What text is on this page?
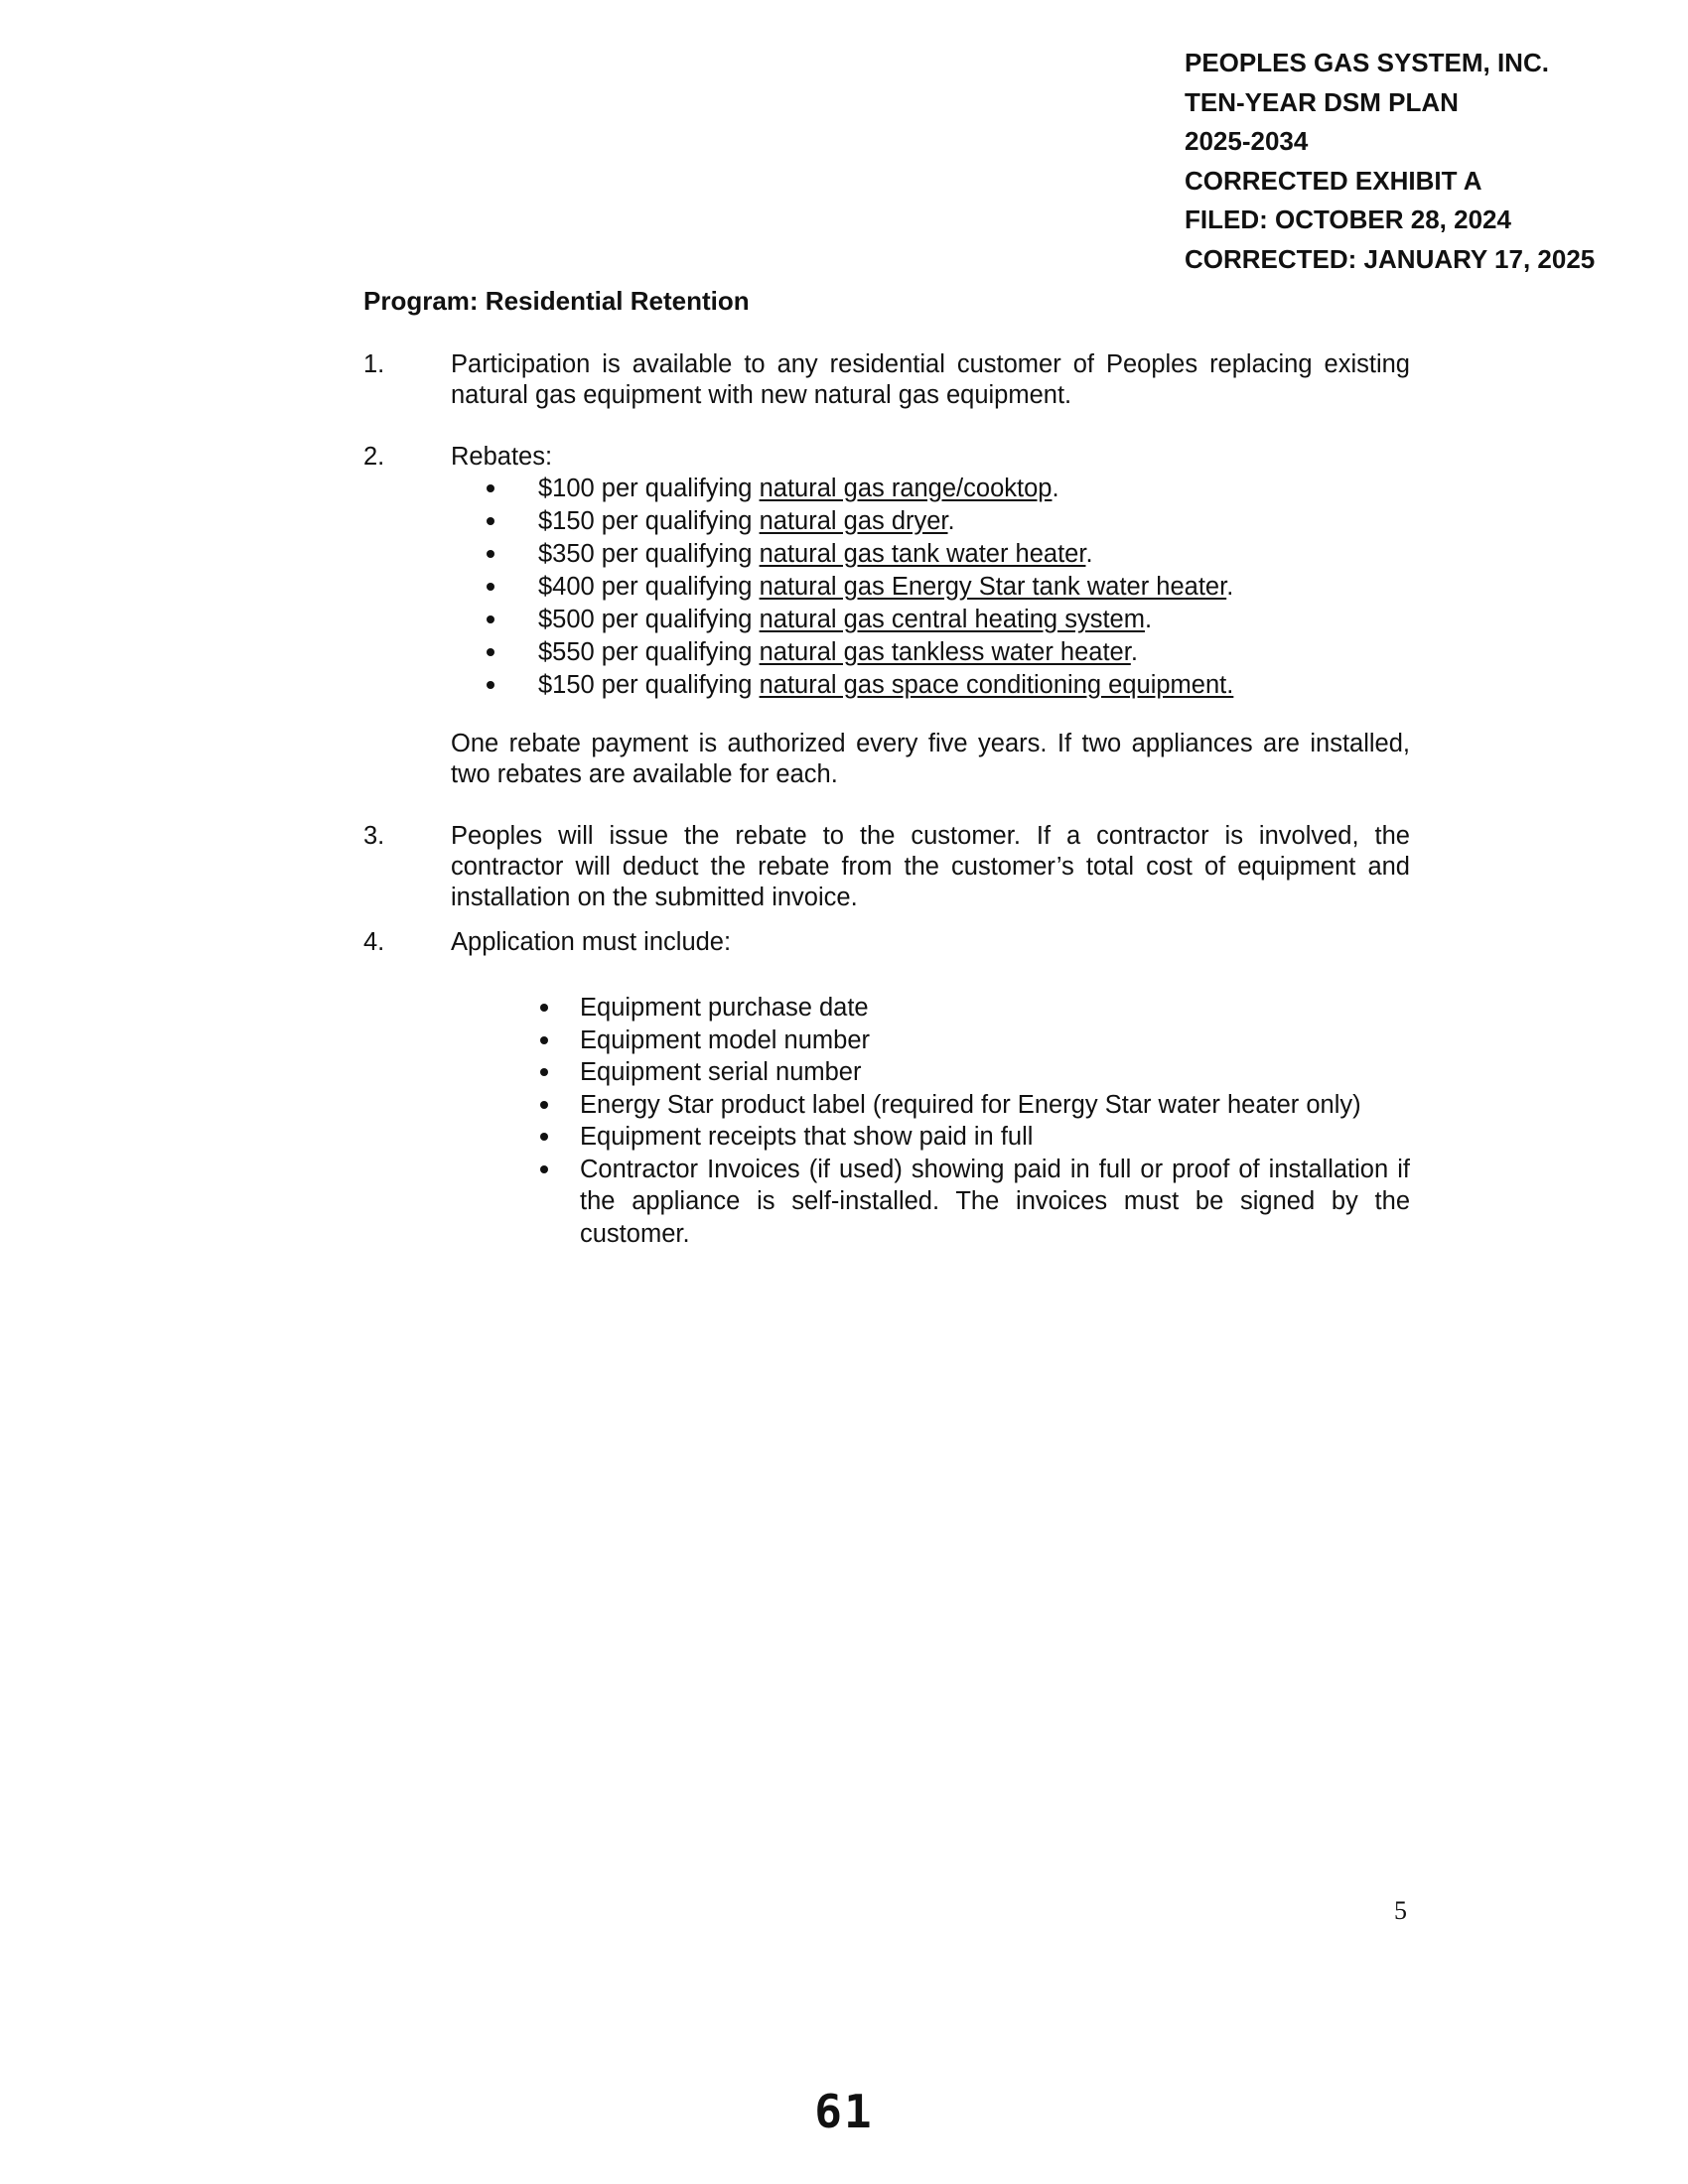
PEOPLES GAS SYSTEM, INC.
TEN-YEAR DSM PLAN
2025-2034
CORRECTED EXHIBIT A
FILED: OCTOBER 28, 2024
CORRECTED: JANUARY 17, 2025
Program: Residential Retention
1.	Participation is available to any residential customer of Peoples replacing existing natural gas equipment with new natural gas equipment.
2.	Rebates:
$100 per qualifying natural gas range/cooktop.
$150 per qualifying natural gas dryer.
$350 per qualifying natural gas tank water heater.
$400 per qualifying natural gas Energy Star tank water heater.
$500 per qualifying natural gas central heating system.
$550 per qualifying natural gas tankless water heater.
$150 per qualifying natural gas space conditioning equipment.
One rebate payment is authorized every five years. If two appliances are installed, two rebates are available for each.
3.	Peoples will issue the rebate to the customer. If a contractor is involved, the contractor will deduct the rebate from the customer’s total cost of equipment and installation on the submitted invoice.
4.	Application must include:
Equipment purchase date
Equipment model number
Equipment serial number
Energy Star product label (required for Energy Star water heater only)
Equipment receipts that show paid in full
Contractor Invoices (if used) showing paid in full or proof of installation if the appliance is self-installed. The invoices must be signed by the customer.
5
61
